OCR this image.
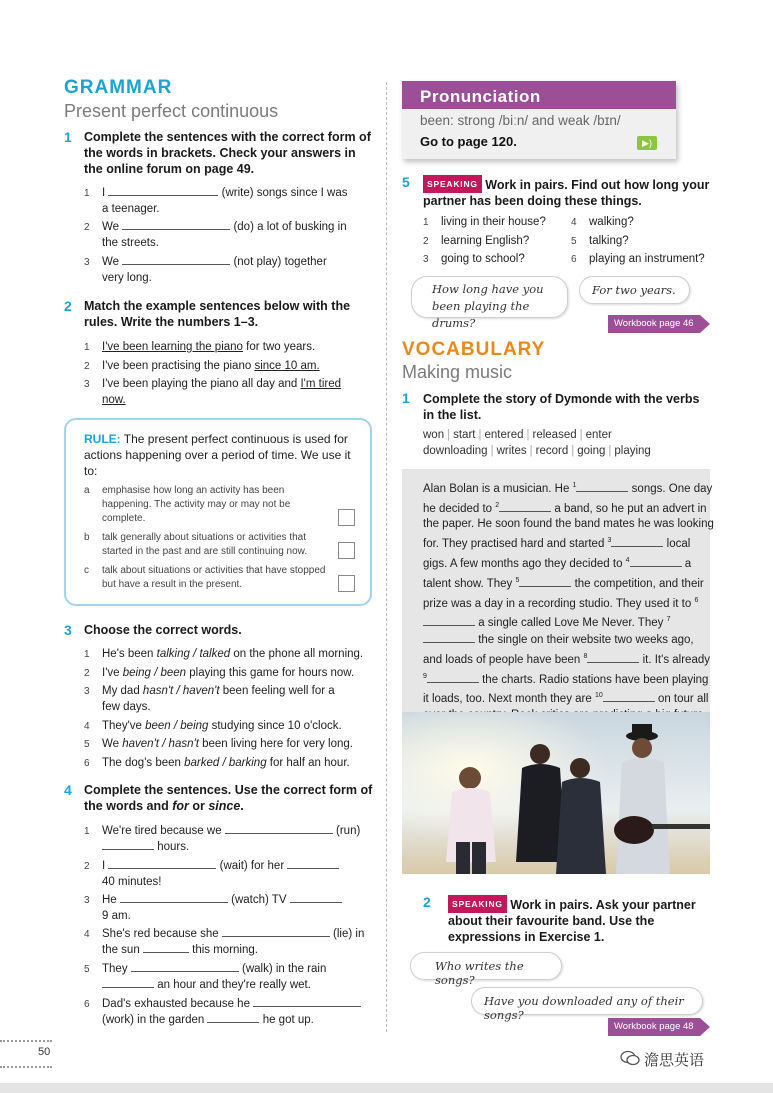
GRAMMAR
Present perfect continuous
1 Complete the sentences with the correct form of the words in brackets. Check your answers in the online forum on page 49.
1 I	(write) songs since I was
a teenager.
2 We	(do) a lot of busking in
the streets.
3 We	(not play) together
very long.
2 Match the example sentences below with the rules. Write the numbers 1–3.
1 I've been learning the piano for two years.
2 I've been practising the piano since 10 am.
3 I've been playing the piano all day and I'm tired
now.
RULE: The present perfect continuous is used for actions happening over a period of time. We use it to:
a	emphasise how long an activity has been happening. The activity may or may not be complete.
b talk generally about situations or activities that started in the past and are still continuing now.
c talk about situations or activities that have stopped but have a result in the present.
3 Choose the correct words.
1 He's been talking / talked on the phone all morning.
2 I've being / been playing this game for hours now.
3 My dad hasn't / haven't been feeling well for a
few days.
4 They've been / being studying since 10 o'clock.
5 We haven't / hasn't been living here for very long.
6 The dog's been barked / barking for half an hour.
4 Complete the sentences. Use the correct form of the words and for or since.
1 We're tired because we	(run)
hours.
2 I	(wait) for her
40 minutes!
3 He	(watch) TV
9 am.
4 She's red because she	(lie) in
the sun	this morning.
5 They	(walk) in the rain
an hour and they're really wet.
6 Dad's exhausted because he
(work) in the garden	he got up.
Pronunciation
been: strong /biːn/ and weak /bɪn/
Go to page 120.	▶)
5	SPEAKING Work in pairs. Find out how long your partner has been doing these things.
1 living in their house?	4 walking?
2 learning English?	5 talking?
3 going to school?	6 playing an instrument?
How long have you been playing the drums?
For two years.
Workbook page 46
VOCABULARY
Making music
1 Complete the story of Dymonde with the verbs in the list.
won | start | entered | released | enter
downloading | writes | record | going | playing
Alan Bolan is a musician. He $^1$	songs. One day he decided to $^2$	a band, so he put an advert in the paper. He soon found the band mates he was looking for. They practised hard and started $^3$	local gigs. A few months ago they decided to $^4$	a talent show. They $^5$	the competition, and their prize was a day in a recording studio. They used it to $^6$ a single called Love Me Never. They $^7$ the single on their website two weeks ago, and loads of people have been $^8$	it. It's already $^9$	the charts. Radio stations have been playing it loads, too. Next month they are $^{10}$	on tour all
2	SPEAKING Work in pairs. Ask your partner about their favourite band. Use the expressions in Exercise 1.
Who writes the songs?
Have you downloaded any of their songs?
Workbook page 48
50	澹思英语
